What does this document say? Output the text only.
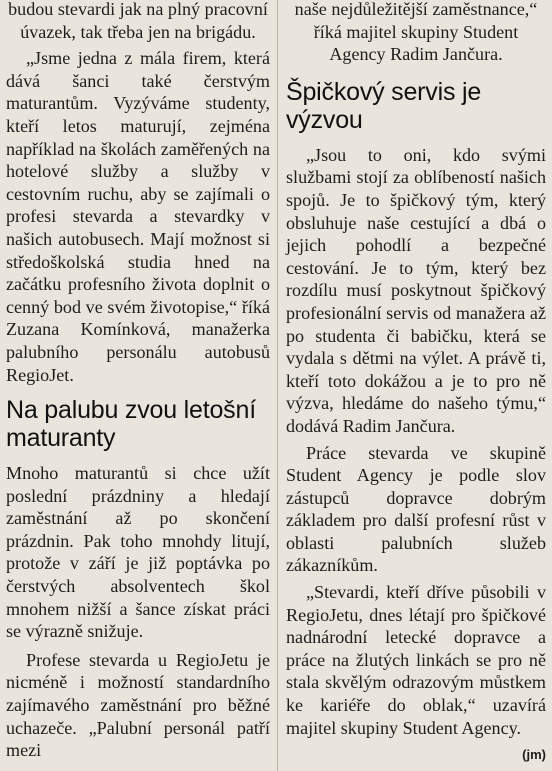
budou stevardi jak na plný pracovní úvazek, tak třeba jen na brigádu.

„Jsme jedna z mála firem, která dává šanci také čerstvým maturantům. Vyzýváme studenty, kteří letos maturují, zejména například na školách zaměřených na hotelové služby a služby v cestovním ruchu, aby se zajímali o profesi stevarda a stevardky v našich autobusech. Mají možnost si středoškolská studia hned na začátku profesního života doplnit o cenný bod ve svém životopise,“ říká Zuzana Komínková, manažerka palubního personálu autobusů RegioJet.

Na palubu zvou letošní maturanty

Mnoho maturantů si chce užít poslední prázdniny a hledají zaměstnání až po skončení prázdnin. Pak toho mnohdy litují, protože v září je již poptávka po čerstvých absolventech škol mnohem nižší a šance získat práci se výrazně snižuje.

Profese stevarda u RegioJetu je nicméně i možností standardního zajímavého zaměstnání pro běžné uchazeče. „Palubní personál patří mezi

naše nejdůležitější zaměstnance,“ říká majitel skupiny Student Agency Radim Jančura.

Špičkový servis je výzvou

„Jsou to oni, kdo svými službami stojí za oblíbeností našich spojů. Je to špičkový tým, který obsluhuje naše cestující a dbá o jejich pohodlí a bezpečné cestování. Je to tým, který bez rozdílu musí poskytnout špičkový profesionální servis od manažera až po studenta či babičku, která se vydala s dětmi na výlet. A právě ti, kteří toto dokážou a je to pro ně výzva, hledáme do našeho týmu,“ dodává Radim Jančura.

Práce stevarda ve skupině Student Agency je podle slov zástupců dopravce dobrým základem pro další profesní růst v oblasti palubních služeb zákazníkům.

„Stevardi, kteří dříve působili v RegioJetu, dnes létají pro špičkové nadnárodní letecké dopravce a práce na žlutých linkách se pro ně stala skvělým odrazovým můstkem ke kariéře do oblak,“ uzavírá majitel skupiny Student Agency.
(jm)
